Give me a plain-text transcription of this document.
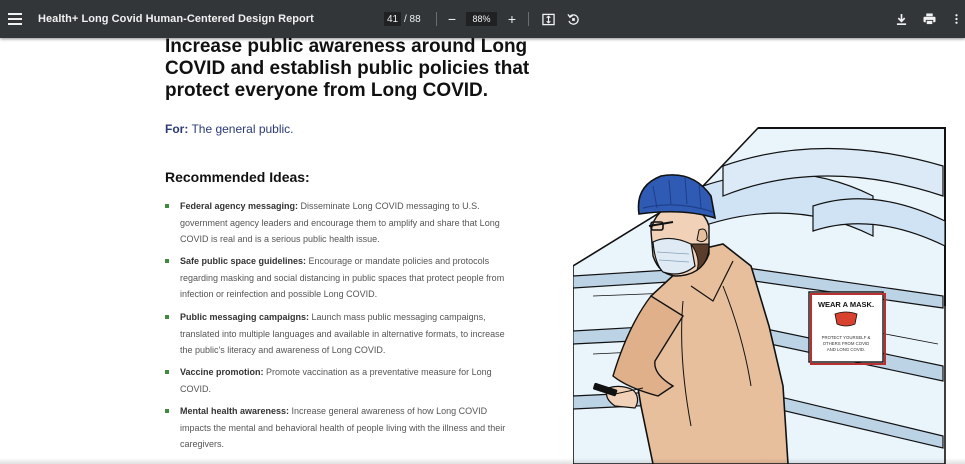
Health+ Long Covid Human-Centered Design Report	41 / 88 −	88%	+
Increase public awareness around Long COVID and establish public policies that protect everyone from Long COVID.
For: The general public.
Recommended Ideas:
Federal agency messaging: Disseminate Long COVID messaging to U.S. government agency leaders and encourage them to amplify and share that Long COVID is real and is a serious public health issue.
Safe public space guidelines: Encourage or mandate policies and protocols regarding masking and social distancing in public spaces that protect people from infection or reinfection and possible Long COVID.
Public messaging campaigns: Launch mass public messaging campaigns, translated into multiple languages and available in alternative formats, to increase the public's literacy and awareness of Long COVID.
Vaccine promotion: Promote vaccination as a preventative measure for Long COVID.
Mental health awareness: Increase general awareness of how Long COVID impacts the mental and behavioral health of people living with the illness and their caregivers.
WEAR A MASK.
PROTECT YOURSELF &
OTHERS FROM COVID
AND LONG COVID.
